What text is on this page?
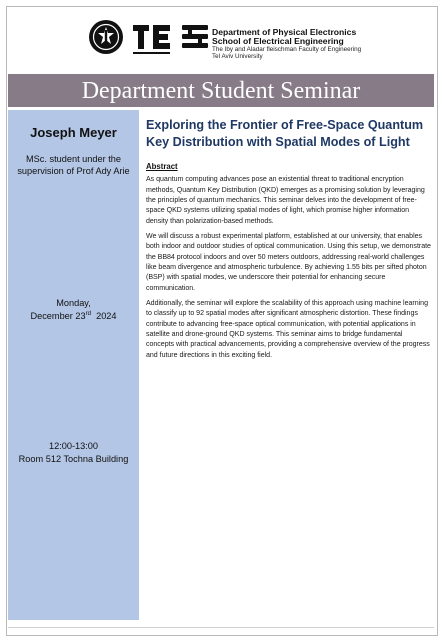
Department of Physical Electronics
School of Electrical Engineering
The Iby and Aladar fleischman Faculty of Engineering
Tel Aviv University
Department Student Seminar
Joseph Meyer
MSc. student under the supervision of Prof Ady Arie
Monday,
December 23rd 2024
12:00-13:00
Room 512 Tochna Building
Exploring the Frontier of Free-Space Quantum Key Distribution with Spatial Modes of Light
Abstract

As quantum computing advances pose an existential threat to traditional encryption methods, Quantum Key Distribution (QKD) emerges as a promising solution by leveraging the principles of quantum mechanics. This seminar delves into the development of free-space QKD systems utilizing spatial modes of light, which promise higher information density than polarization-based methods.

We will discuss a robust experimental platform, established at our university, that enables both indoor and outdoor studies of optical communication. Using this setup, we demonstrate the BB84 protocol indoors and over 50 meters outdoors, addressing real-world challenges like beam divergence and atmospheric turbulence. By achieving 1.55 bits per sifted photon (BSP) with spatial modes, we underscore their potential for enhancing secure communication.

Additionally, the seminar will explore the scalability of this approach using machine learning to classify up to 92 spatial modes after significant atmospheric distortion. These findings contribute to advancing free-space optical communication, with potential applications in satellite and drone-ground QKD systems. This seminar aims to bridge fundamental concepts with practical advancements, providing a comprehensive overview of the progress and future directions in this exciting field.
